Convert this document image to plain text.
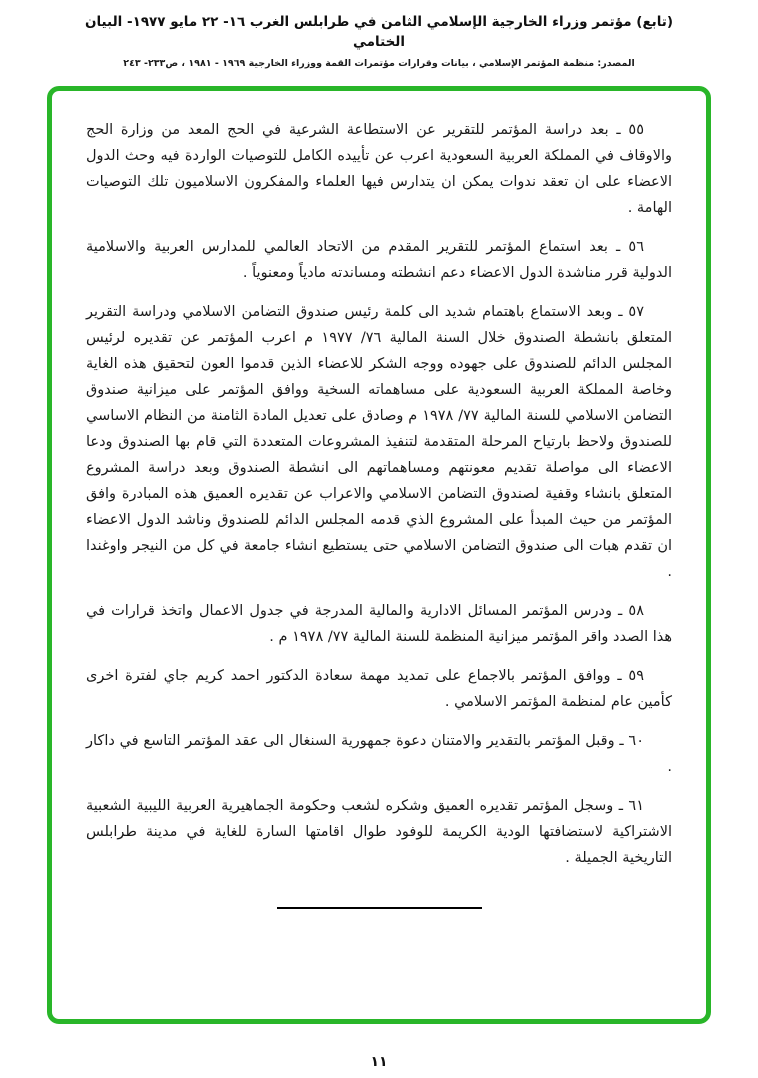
(تابع) مؤتمر وزراء الخارجية الإسلامي الثامن في طرابلس الغرب ١٦- ٢٢ مايو ١٩٧٧- البيان الختامي
المصدر: منظمة المؤتمر الإسلامي ، بيانات وقرارات مؤتمرات القمة ووزراء الخارجية ١٩٦٩ - ١٩٨١ ، ص٢٣٣- ٢٤٣

٥٥ ـ بعد دراسة المؤتمر للتقرير عن الاستطاعة الشرعية في الحج المعد من وزارة الحج والاوقاف في المملكة العربية السعودية اعرب عن تأييده الكامل للتوصيات الواردة فيه وحث الدول الاعضاء على ان تعقد ندوات يمكن ان يتدارس فيها العلماء والمفكرون الاسلاميون تلك التوصيات الهامة .

٥٦ ـ بعد استماع المؤتمر للتقرير المقدم من الاتحاد العالمي للمدارس العربية والاسلامية الدولية قرر مناشدة الدول الاعضاء دعم انشطته ومساندته مادياً ومعنوياً .

٥٧ ـ وبعد الاستماع باهتمام شديد الى كلمة رئيس صندوق التضامن الاسلامي ودراسة التقرير المتعلق بانشطة الصندوق خلال السنة المالية ٧٦/ ١٩٧٧ م اعرب المؤتمر عن تقديره لرئيس المجلس الدائم للصندوق على جهوده ووجه الشكر للاعضاء الذين قدموا العون لتحقيق هذه الغاية وخاصة المملكة العربية السعودية على مساهماته السخية ووافق المؤتمر على ميزانية صندوق التضامن الاسلامي للسنة المالية ٧٧/ ١٩٧٨ م وصادق على تعديل المادة الثامنة من النظام الاساسي للصندوق ولاحظ بارتياح المرحلة المتقدمة لتنفيذ المشروعات المتعددة التي قام بها الصندوق ودعا الاعضاء الى مواصلة تقديم معونتهم ومساهماتهم الى انشطة الصندوق وبعد دراسة المشروع المتعلق بانشاء وقفية لصندوق التضامن الاسلامي والاعراب عن تقديره العميق هذه المبادرة وافق المؤتمر من حيث المبدأ على المشروع الذي قدمه المجلس الدائم للصندوق وناشد الدول الاعضاء ان تقدم هبات الى صندوق التضامن الاسلامي حتى يستطيع انشاء جامعة في كل من النيجر واوغندا .

٥٨ ـ ودرس المؤتمر المسائل الادارية والمالية المدرجة في جدول الاعمال واتخذ قرارات في هذا الصدد واقر المؤتمر ميزانية المنظمة للسنة المالية ٧٧/ ١٩٧٨ م .

٥٩ ـ ووافق المؤتمر بالاجماع على تمديد مهمة سعادة الدكتور احمد كريم جاي لفترة اخرى كأمين عام لمنظمة المؤتمر الاسلامي .

٦٠ ـ وقبل المؤتمر بالتقدير والامتنان دعوة جمهورية السنغال الى عقد المؤتمر التاسع في داكار .

٦١ ـ وسجل المؤتمر تقديره العميق وشكره لشعب وحكومة الجماهيرية العربية الليبية الشعبية الاشتراكية لاستضافتها الودية الكريمة للوفود طوال اقامتها السارة للغاية في مدينة طرابلس التاريخية الجميلة .

١١
